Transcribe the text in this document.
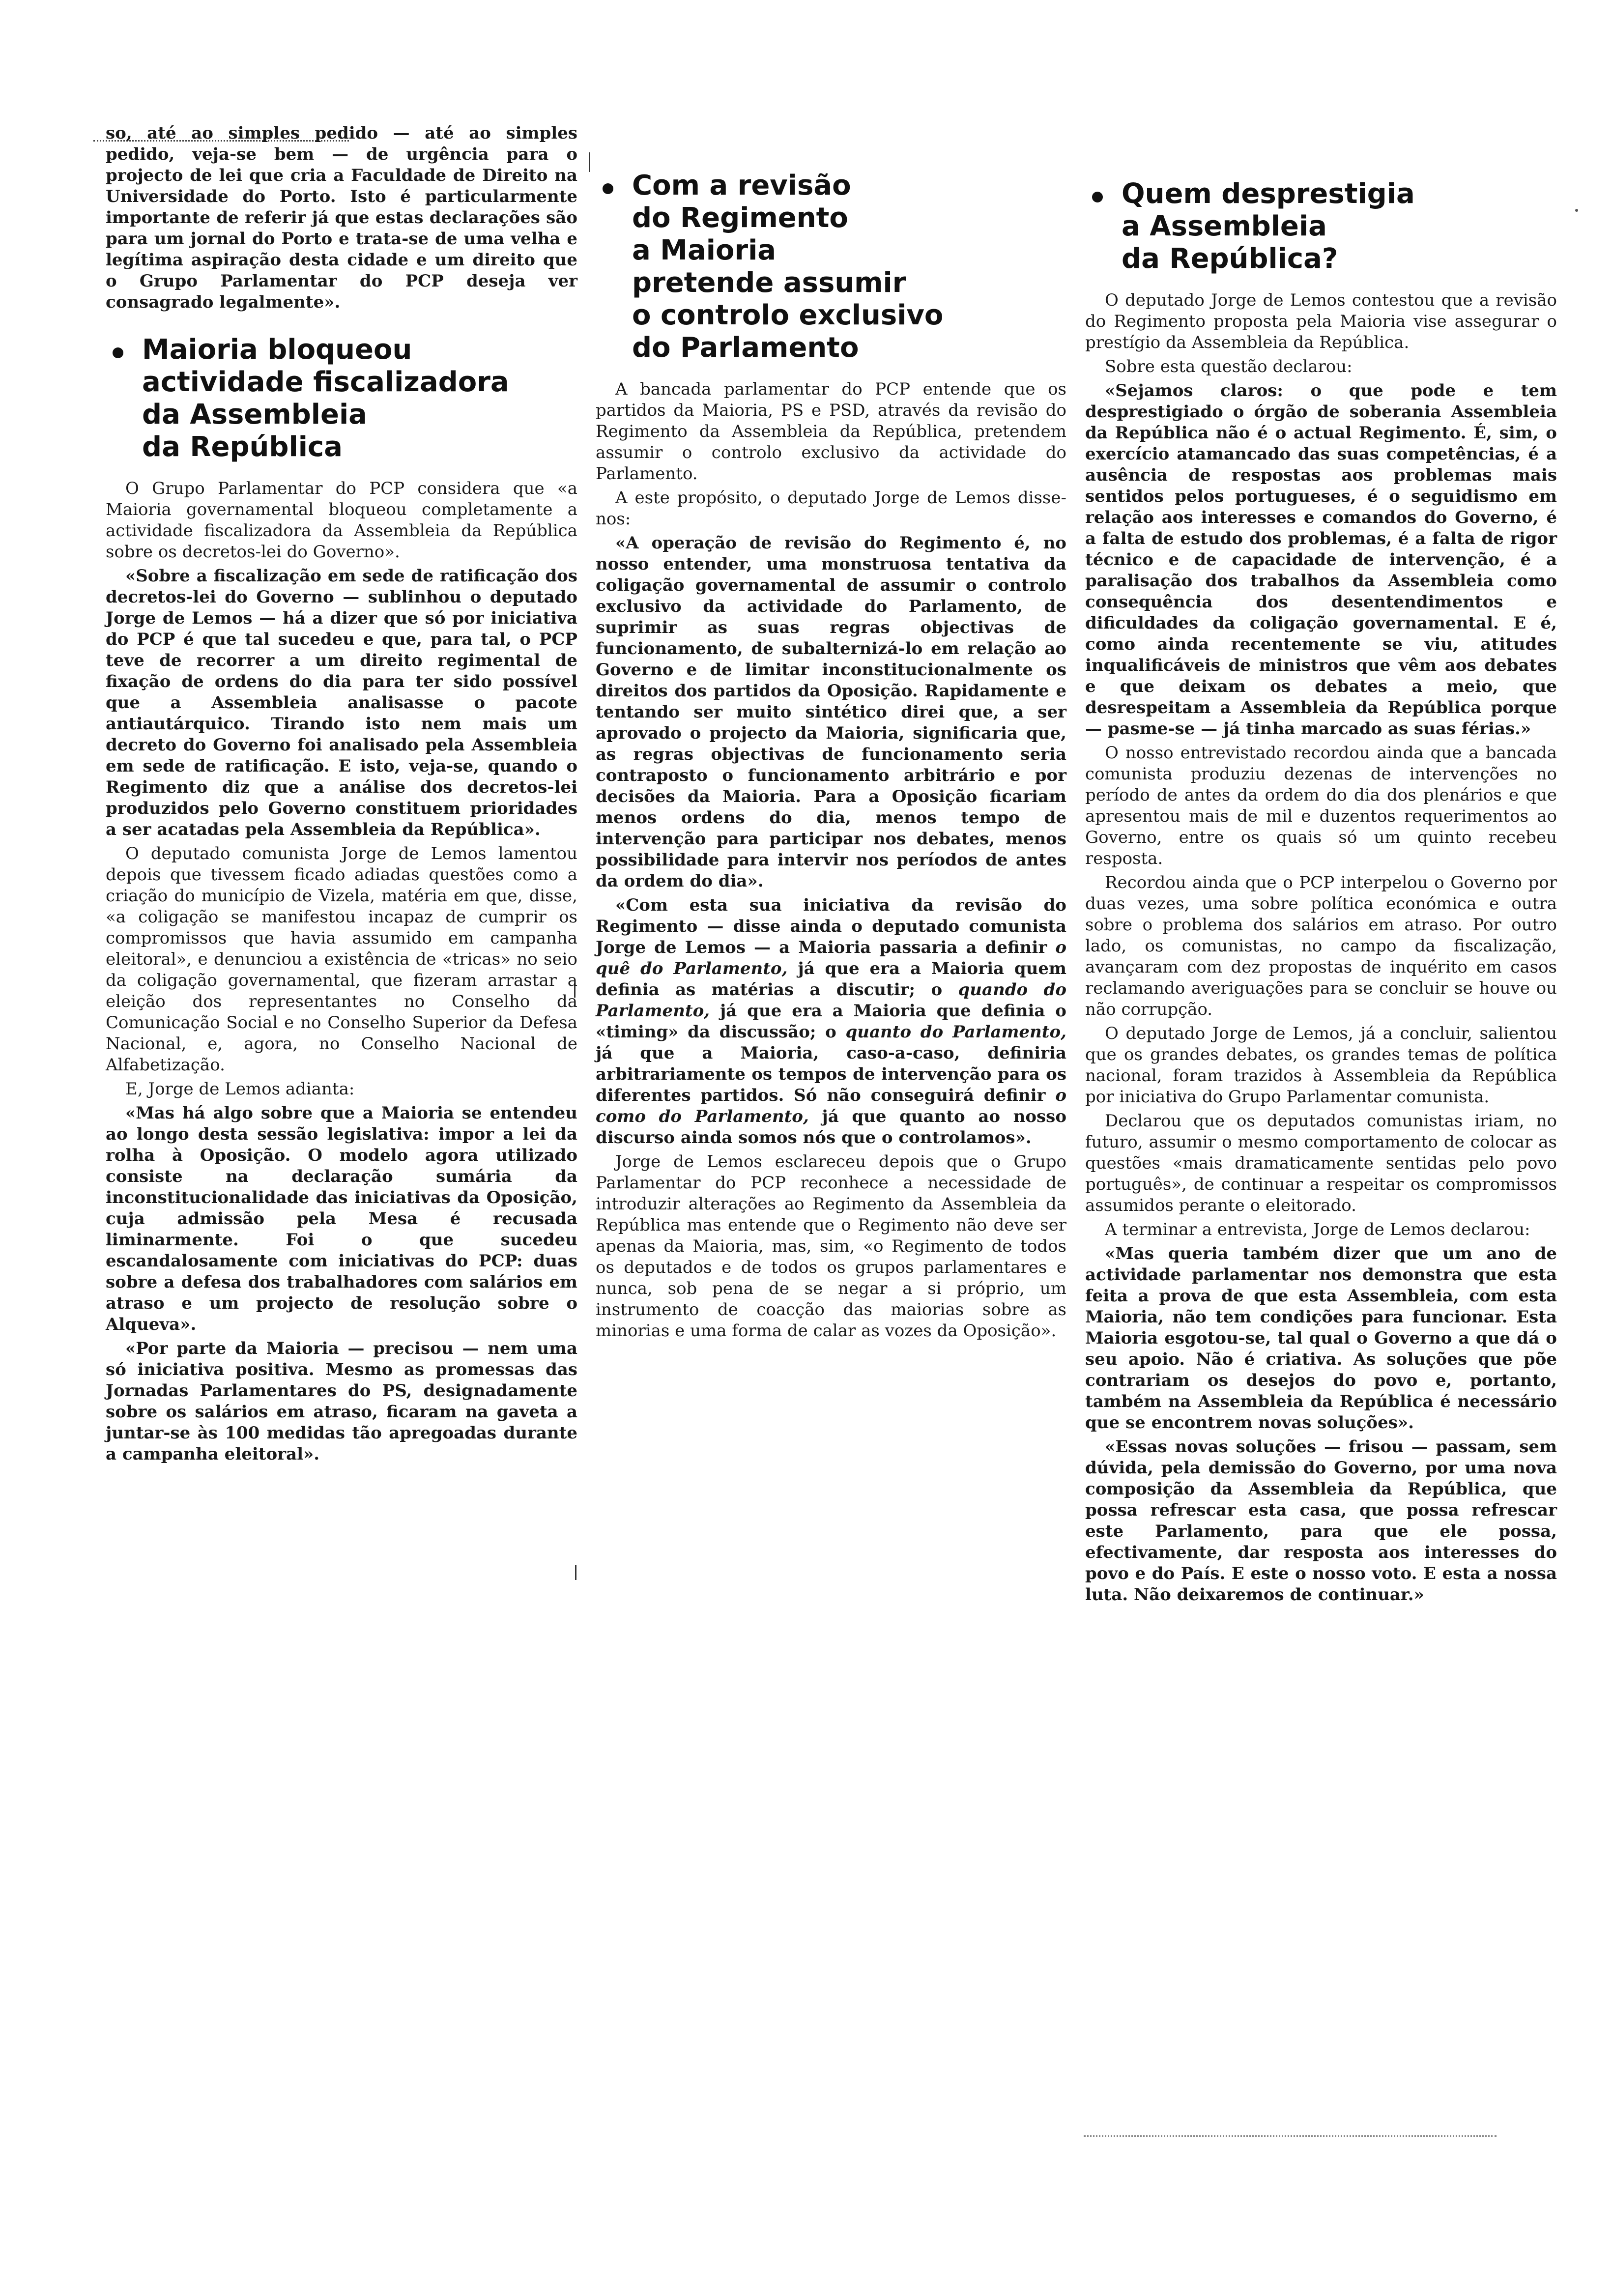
so, até ao simples pedido — até ao simples pedido, veja-se bem — de urgência para o projecto de lei que cria a Faculdade de Direito na Universidade do Porto. Isto é particularmente importante de referir já que estas declarações são para um jornal do Porto e trata-se de uma velha e legítima aspiração desta cidade e um direito que o Grupo Parlamentar do PCP deseja ver consagrado legalmente».

Maioria bloqueou
actividade fiscalizadora
da Assembleia
da República

O Grupo Parlamentar do PCP considera que «a Maioria governamental bloqueou completamente a actividade fiscalizadora da Assembleia da República sobre os decretos-lei do Governo».

«Sobre a fiscalização em sede de ratificação dos decretos-lei do Governo — sublinhou o deputado Jorge de Lemos — há a dizer que só por iniciativa do PCP é que tal sucedeu e que, para tal, o PCP teve de recorrer a um direito regimental de fixação de ordens do dia para ter sido possível que a Assembleia analisasse o pacote antiautárquico. Tirando isto nem mais um decreto do Governo foi analisado pela Assembleia em sede de ratificação. E isto, veja-se, quando o Regimento diz que a análise dos decretos-lei produzidos pelo Governo constituem prioridades a ser acatadas pela Assembleia da República».

O deputado comunista Jorge de Lemos lamentou depois que tivessem ficado adiadas questões como a criação do município de Vizela, matéria em que, disse, «a coligação se manifestou incapaz de cumprir os compromissos que havia assumido em campanha eleitoral», e denunciou a existência de «tricas» no seio da coligação governamental, que fizeram arrastar a eleição dos representantes no Conselho da Comunicação Social e no Conselho Superior da Defesa Nacional, e, agora, no Conselho Nacional de Alfabetização.

E, Jorge de Lemos adianta:

«Mas há algo sobre que a Maioria se entendeu ao longo desta sessão legislativa: impor a lei da rolha à Oposição. O modelo agora utilizado consiste na declaração sumária da inconstitucionalidade das iniciativas da Oposição, cuja admissão pela Mesa é recusada liminarmente. Foi o que sucedeu escandalosamente com iniciativas do PCP: duas sobre a defesa dos trabalhadores com salários em atraso e um projecto de resolução sobre o Alqueva».

«Por parte da Maioria — precisou — nem uma só iniciativa positiva. Mesmo as promessas das Jornadas Parlamentares do PS, designadamente sobre os salários em atraso, ficaram na gaveta a juntar-se às 100 medidas tão apregoadas durante a campanha eleitoral».

Com a revisão
do Regimento
a Maioria
pretende assumir
o controlo exclusivo
do Parlamento

A bancada parlamentar do PCP entende que os partidos da Maioria, PS e PSD, através da revisão do Regimento da Assembleia da República, pretendem assumir o controlo exclusivo da actividade do Parlamento.

A este propósito, o deputado Jorge de Lemos disse-nos:

«A operação de revisão do Regimento é, no nosso entender, uma monstruosa tentativa da coligação governamental de assumir o controlo exclusivo da actividade do Parlamento, de suprimir as suas regras objectivas de funcionamento, de subalternizá-lo em relação ao Governo e de limitar inconstitucionalmente os direitos dos partidos da Oposição. Rapidamente e tentando ser muito sintético direi que, a ser aprovado o projecto da Maioria, significaria que, as regras objectivas de funcionamento seria contraposto o funcionamento arbitrário e por decisões da Maioria. Para a Oposição ficariam menos ordens do dia, menos tempo de intervenção para participar nos debates, menos possibilidade para intervir nos períodos de antes da ordem do dia».

«Com esta sua iniciativa da revisão do Regimento — disse ainda o deputado comunista Jorge de Lemos — a Maioria passaria a definir o quê do Parlamento, já que era a Maioria quem definia as matérias a discutir; o quando do Parlamento, já que era a Maioria que definia o «timing» da discussão; o quanto do Parlamento, já que a Maioria, caso-a-caso, definiria arbitrariamente os tempos de intervenção para os diferentes partidos. Só não conseguirá definir o como do Parlamento, já que quanto ao nosso discurso ainda somos nós que o controlamos».

Jorge de Lemos esclareceu depois que o Grupo Parlamentar do PCP reconhece a necessidade de introduzir alterações ao Regimento da Assembleia da República mas entende que o Regimento não deve ser apenas da Maioria, mas, sim, «o Regimento de todos os deputados e de todos os grupos parlamentares e nunca, sob pena de se negar a si próprio, um instrumento de coacção das maiorias sobre as minorias e uma forma de calar as vozes da Oposição».

Quem desprestigia
a Assembleia
da República?

O deputado Jorge de Lemos contestou que a revisão do Regimento proposta pela Maioria vise assegurar o prestígio da Assembleia da República.

Sobre esta questão declarou:

«Sejamos claros: o que pode e tem desprestigiado o órgão de soberania Assembleia da República não é o actual Regimento. É, sim, o exercício atamancado das suas competências, é a ausência de respostas aos problemas mais sentidos pelos portugueses, é o seguidismo em relação aos interesses e comandos do Governo, é a falta de estudo dos problemas, é a falta de rigor técnico e de capacidade de intervenção, é a paralisação dos trabalhos da Assembleia como consequência dos desentendimentos e dificuldades da coligação governamental. E é, como ainda recentemente se viu, atitudes inqualificáveis de ministros que vêm aos debates e que deixam os debates a meio, que desrespeitam a Assembleia da República porque — pasme-se — já tinha marcado as suas férias.»

O nosso entrevistado recordou ainda que a bancada comunista produziu dezenas de intervenções no período de antes da ordem do dia dos plenários e que apresentou mais de mil e duzentos requerimentos ao Governo, entre os quais só um quinto recebeu resposta.

Recordou ainda que o PCP interpelou o Governo por duas vezes, uma sobre política económica e outra sobre o problema dos salários em atraso. Por outro lado, os comunistas, no campo da fiscalização, avançaram com dez propostas de inquérito em casos reclamando averiguações para se concluir se houve ou não corrupção.

O deputado Jorge de Lemos, já a concluir, salientou que os grandes debates, os grandes temas de política nacional, foram trazidos à Assembleia da República por iniciativa do Grupo Parlamentar comunista.

Declarou que os deputados comunistas iriam, no futuro, assumir o mesmo comportamento de colocar as questões «mais dramaticamente sentidas pelo povo português», de continuar a respeitar os compromissos assumidos perante o eleitorado.

A terminar a entrevista, Jorge de Lemos declarou:

«Mas queria também dizer que um ano de actividade parlamentar nos demonstra que esta feita a prova de que esta Assembleia, com esta Maioria, não tem condições para funcionar. Esta Maioria esgotou-se, tal qual o Governo a que dá o seu apoio. Não é criativa. As soluções que põe contrariam os desejos do povo e, portanto, também na Assembleia da República é necessário que se encontrem novas soluções».

«Essas novas soluções — frisou — passam, sem dúvida, pela demissão do Governo, por uma nova composição da Assembleia da República, que possa refrescar esta casa, que possa refrescar este Parlamento, para que ele possa, efectivamente, dar resposta aos interesses do povo e do País. E este o nosso voto. E esta a nossa luta. Não deixaremos de continuar.»
